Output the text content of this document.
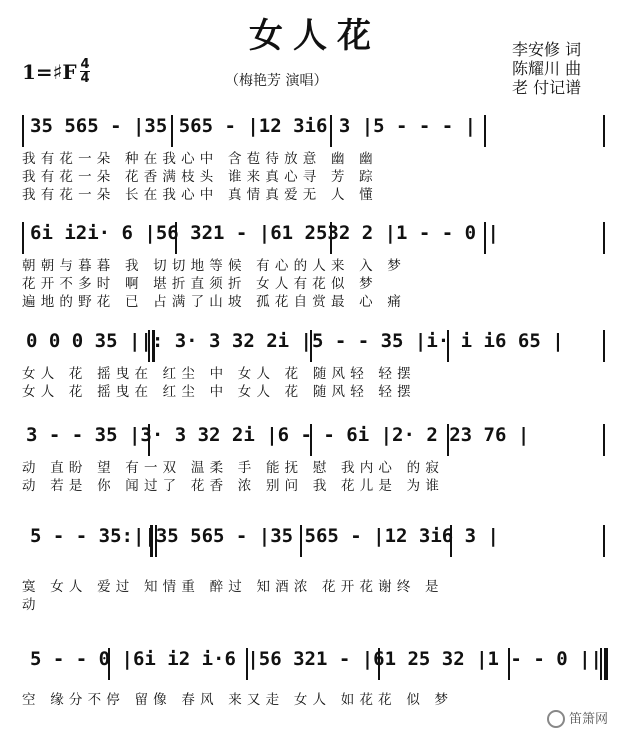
女人花
1=♯F 4
4	（梅艳芳 演唱）
李安修 词
陈耀川 曲
老 付记谱
35 565 - |35 565 - |12 3i6 3 |5 - - - |
我有花一朵 种在我心中 含苞待放意 幽 幽
我有花一朵 花香满枝头 谁来真心寻 芳 踪
我有花一朵 长在我心中 真情真爱无 人 懂
6i i2i· 6 |56 321 - |61 2532 2 |1 - - 0 |
朝朝与暮暮 我 切切地等候 有心的人来 入 梦
花开不多时 啊 堪折直须折 女人有花似 梦
遍地的野花 已 占满了山坡 孤花自赏最 心 痛
0 0 0 35 ||: 3· 3 32 2i |5 - - 35 |i· i i6 65 |
女人 花 摇曳在 红尘 中 女人 花 随风轻 轻摆
女人 花 摇曳在 红尘 中 女人 花 随风轻 轻摆
3 - - 35 |3· 3 32 2i |6 - - 6i |2· 2 23 76 |
动 直盼 望 有一双 温柔 手 能抚 慰 我内心 的寂
动 若是 你 闻过了 花香 浓 别问 我 花儿是 为谁
5 - - 35:||35 565 - |35 565 - |12 3i6 3 |
寞 女人 爱过 知情重 醉过 知酒浓 花开花谢终 是
动
5 - - 0 |6i i2 i·6 |56 321 - |61 25 32 |1 - - 0 ||
空 缘分不停 留像 春风 来又走 女人 如花花 似 梦
笛箫网
